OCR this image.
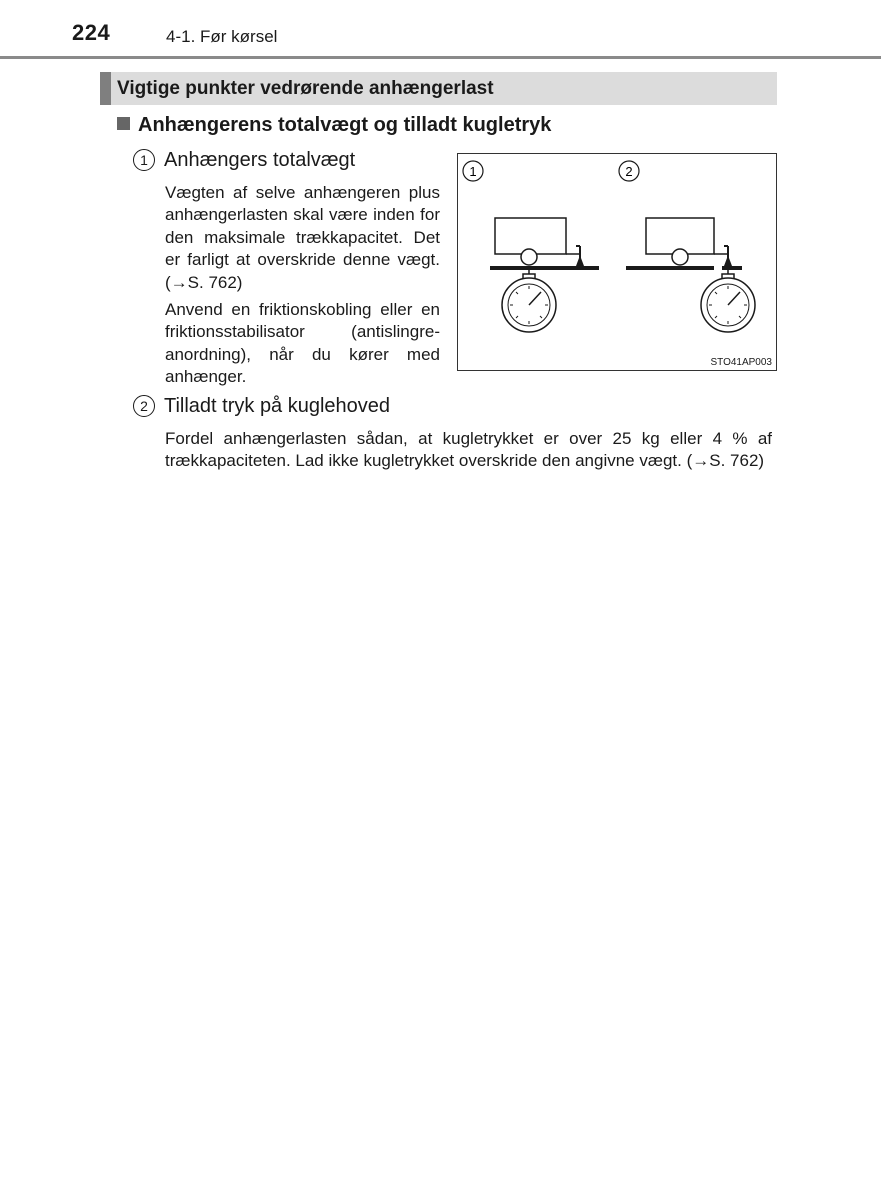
224	4-1. Før kørsel
Vigtige punkter vedrørende anhængerlast
Anhængerens totalvægt og tilladt kugletryk
1 Anhængers totalvægt
Vægten af selve anhængeren plus anhængerlasten skal være inden for den maksimale trækkapacitet. Det er farligt at overskride denne vægt. (→S. 762)
Anvend en friktionskobling eller en friktionsstabilisator (antislingre-anordning), når du kører med anhænger.
1	2
STO41AP003
2 Tilladt tryk på kuglehoved
Fordel anhængerlasten sådan, at kugletrykket er over 25 kg eller 4 % af trækkapaciteten. Lad ikke kugletrykket overskride den angivne vægt. (→S. 762)
